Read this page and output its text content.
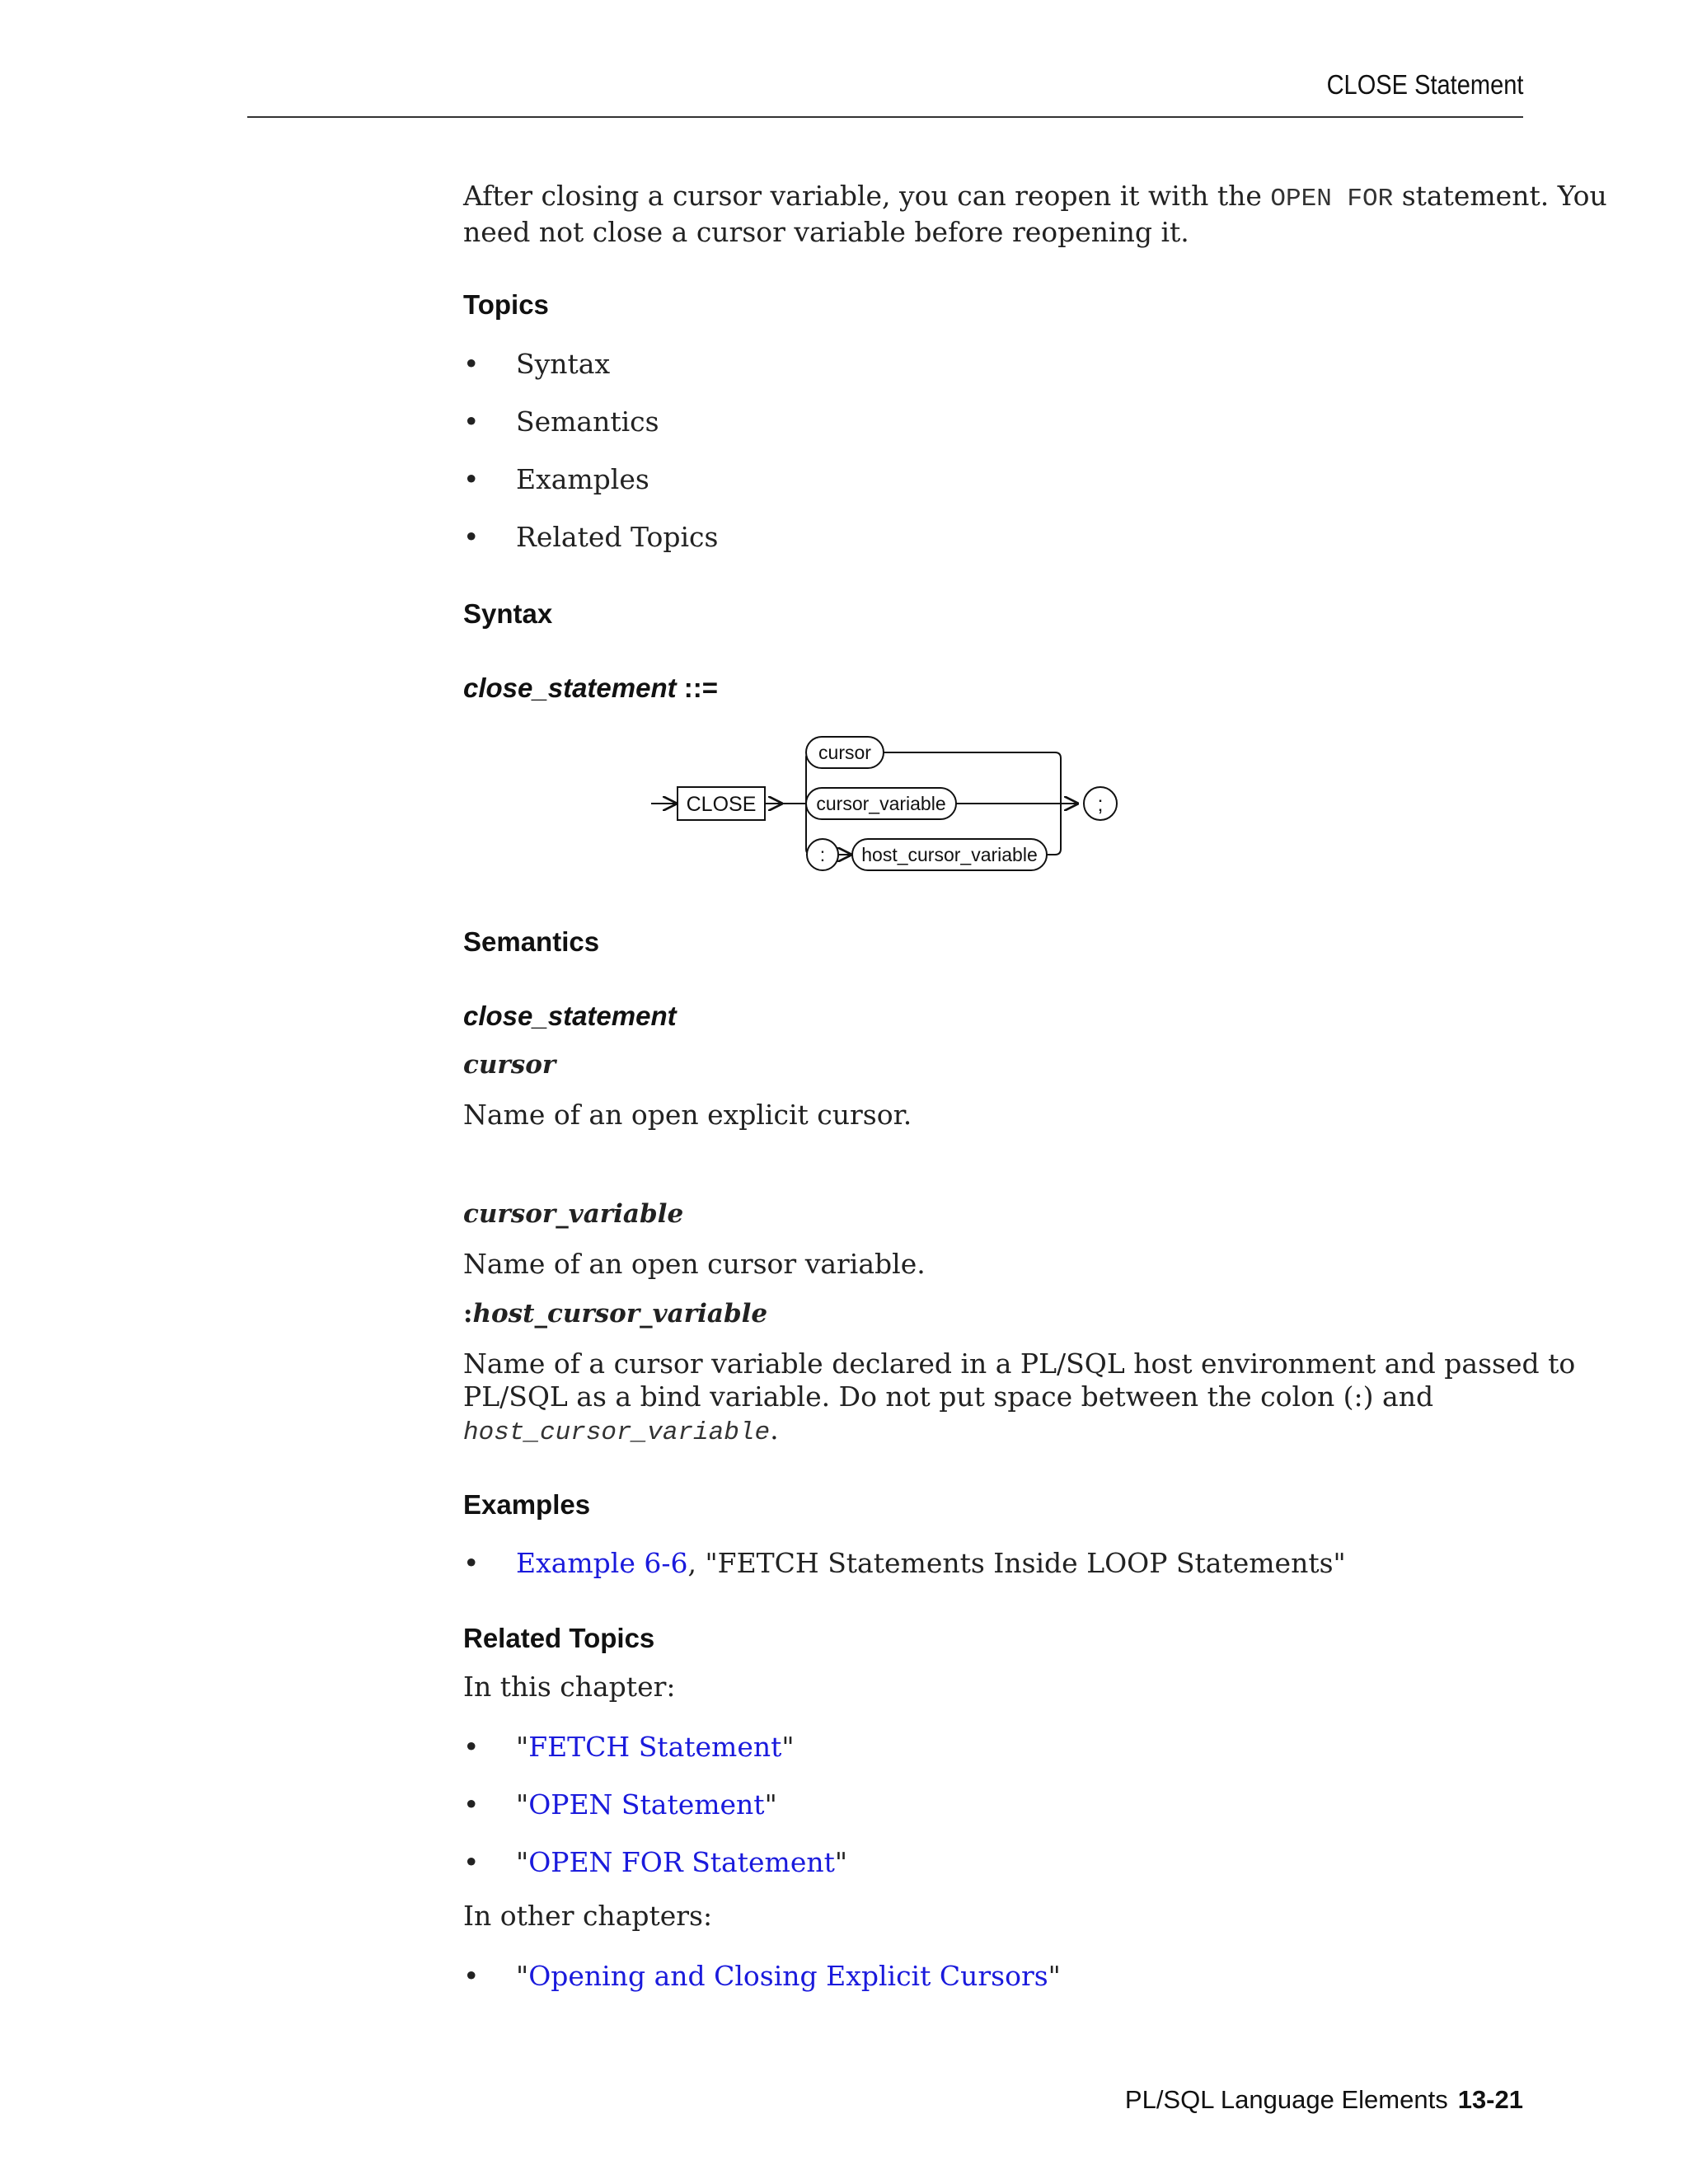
CLOSE Statement
After closing a cursor variable, you can reopen it with the OPEN FOR statement. You
need not close a cursor variable before reopening it.
Topics
• Syntax
• Semantics
• Examples
• Related Topics
Syntax
close_statement ::=
CLOSE
cursor
cursor_variable
: host_cursor_variable
;
Semantics
close_statement
cursor
Name of an open explicit cursor.
cursor_variable
Name of an open cursor variable.
:host_cursor_variable
Name of a cursor variable declared in a PL/SQL host environment and passed to
PL/SQL as a bind variable. Do not put space between the colon (:) and
host_cursor_variable.
Examples
• Example 6-6, "FETCH Statements Inside LOOP Statements"
Related Topics
In this chapter:
• "FETCH Statement"
• "OPEN Statement"
• "OPEN FOR Statement"
In other chapters:
• "Opening and Closing Explicit Cursors"
PL/SQL Language Elements 13-21
